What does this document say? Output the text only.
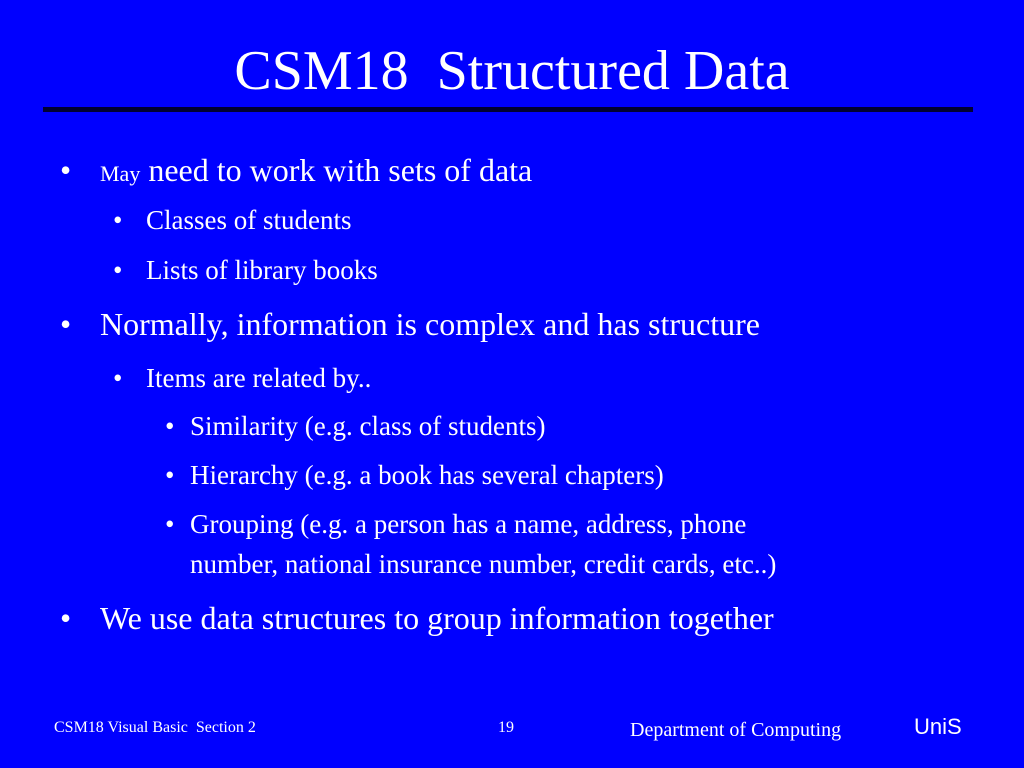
CSM18  Structured Data
• May need to work with sets of data
• Classes of students
• Lists of library books
• Normally, information is complex and has structure
• Items are related by..
• Similarity (e.g. class of students)
• Hierarchy (e.g. a book has several chapters)
• Grouping (e.g. a person has a name, address, phone
number, national insurance number, credit cards, etc..)
• We use data structures to group information together
CSM18 Visual Basic  Section 2	19	Department of Computing	UniS
